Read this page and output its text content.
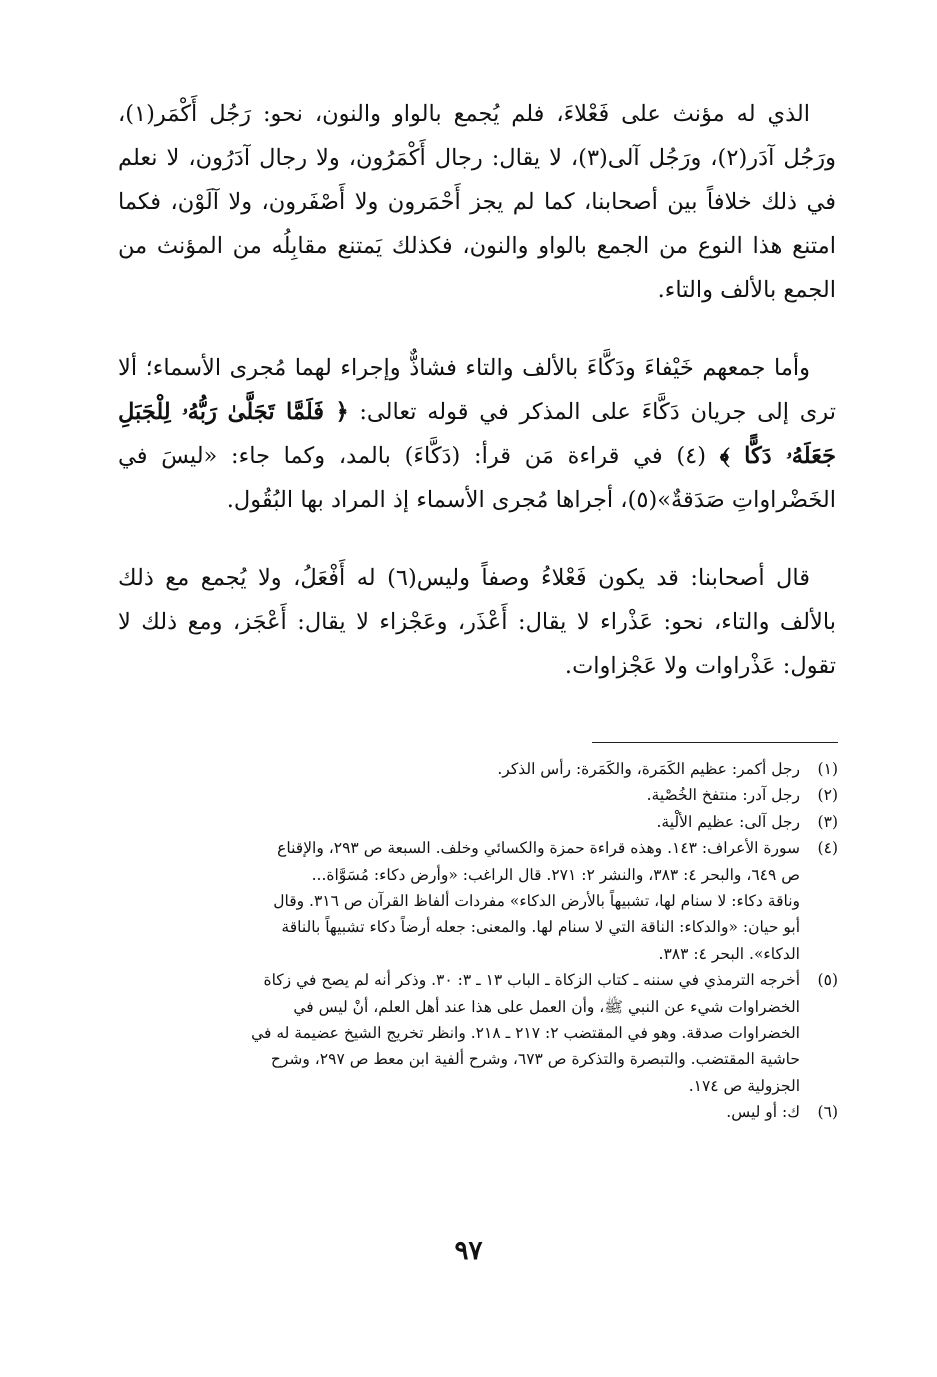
الذي له مؤنث على فَعْلاءَ، فلم يُجمع بالواو والنون، نحو: رَجُل أَكْمَر(١)، ورَجُل آدَر(٢)، ورَجُل آلى(٣)، لا يقال: رجال أَكْمَرُون، ولا رجال آدَرُون، لا نعلم في ذلك خلافاً بين أصحابنا، كما لم يجز أَحْمَرون ولا أَصْفَرون، ولا آلَوْن، فكما امتنع هذا النوع من الجمع بالواو والنون، فكذلك يَمتنع مقابِلُه من المؤنث من الجمع بالألف والتاء.

وأما جمعهم خَيْفاءَ ودَكَّاءَ بالألف والتاء فشاذٌّ وإجراء لهما مُجرى الأسماء؛ ألا ترى إلى جريان دَكَّاءَ على المذكر في قوله تعالى: ﴿ فَلَمَّا تَجَلَّىٰ رَبُّهُۥ لِلْجَبَلِ جَعَلَهُۥ دَكًّا ﴾ (٤) في قراءة مَن قرأ: (دَكَّاءَ) بالمد، وكما جاء: «ليسَ في الخَضْراواتِ صَدَقةٌ»(٥)، أجراها مُجرى الأسماء إذ المراد بها البُقُول.

قال أصحابنا: قد يكون فَعْلاءُ وصفاً وليس(٦) له أَفْعَلُ، ولا يُجمع مع ذلك بالألف والتاء، نحو: عَذْراء لا يقال: أَعْذَر، وعَجْزاء لا يقال: أَعْجَز، ومع ذلك لا تقول: عَذْراوات ولا عَجْزاوات.

(١)
رجل أكمر: عظيم الكَمَرة، والكَمَرة: رأس الذكر.
(٢)
رجل آدر: منتفخ الخُصْية.
(٣)
رجل آلى: عظيم الألْية.
(٤)
سورة الأعراف: ١٤٣. وهذه قراءة حمزة والكسائي وخلف. السبعة ص ٢٩٣، والإقناع
ص ٦٤٩، والبحر ٤: ٣٨٣، والنشر ٢: ٢٧١. قال الراغب: «وأرض دكاء: مُسَوَّاة...
وناقة دكاء: لا سنام لها، تشبيهاً بالأرض الدكاء» مفردات ألفاظ القرآن ص ٣١٦. وقال
أبو حيان: «والدكاء: الناقة التي لا سنام لها. والمعنى: جعله أرضاً دكاء تشبيهاً بالناقة
الدكاء». البحر ٤: ٣٨٣.
(٥)
أخرجه الترمذي في سننه ـ كتاب الزكاة ـ الباب ١٣ ـ ٣: ٣٠. وذكر أنه لم يصح في زكاة
الخضراوات شيء عن النبي ﷺ، وأن العمل على هذا عند أهل العلم، أنْ ليس في
الخضراوات صدقة. وهو في المقتضب ٢: ٢١٧ ـ ٢١٨. وانظر تخريج الشيخ عضيمة له في
حاشية المقتضب. والتبصرة والتذكرة ص ٦٧٣، وشرح ألفية ابن معط ص ٢٩٧، وشرح
الجزولية ص ١٧٤.
(٦)
ك: أو ليس.
٩٧
